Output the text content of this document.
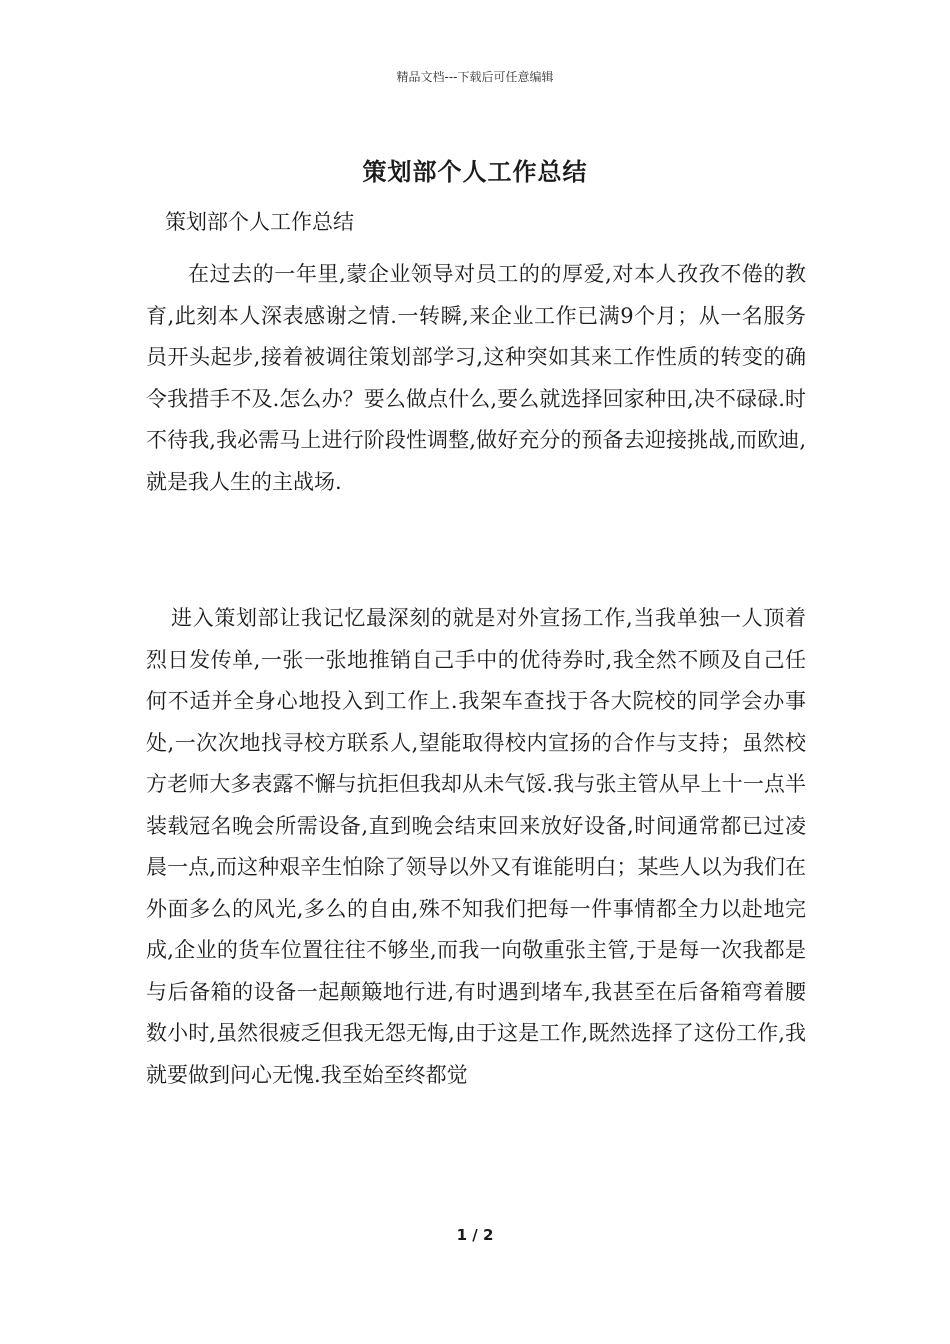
精品文档---下载后可任意编辑
策划部个人工作总结
策划部个人工作总结

在过去的一年里,蒙企业领导对员工的的厚爱,对本人孜孜不倦的教育,此刻本人深表感谢之情.一转瞬,来企业工作已满9个月；从一名服务员开头起步,接着被调往策划部学习,这种突如其来工作性质的转变的确令我措手不及.怎么办？要么做点什么,要么就选择回家种田,决不碌碌.时不待我,我必需马上进行阶段性调整,做好充分的预备去迎接挑战,而欧迪,就是我人生的主战场.

进入策划部让我记忆最深刻的就是对外宣扬工作,当我单独一人顶着烈日发传单,一张一张地推销自己手中的优待券时,我全然不顾及自己任何不适并全身心地投入到工作上.我架车查找于各大院校的同学会办事处,一次次地找寻校方联系人,望能取得校内宣扬的合作与支持；虽然校方老师大多表露不懈与抗拒但我却从未气馁.我与张主管从早上十一点半装载冠名晚会所需设备,直到晚会结束回来放好设备,时间通常都已过凌晨一点,而这种艰辛生怕除了领导以外又有谁能明白；某些人以为我们在外面多么的风光,多么的自由,殊不知我们把每一件事情都全力以赴地完成,企业的货车位置往往不够坐,而我一向敬重张主管,于是每一次我都是与后备箱的设备一起颠簸地行进,有时遇到堵车,我甚至在后备箱弯着腰数小时,虽然很疲乏但我无怨无悔,由于这是工作,既然选择了这份工作,我就要做到问心无愧.我至始至终都觉

1 / 2
